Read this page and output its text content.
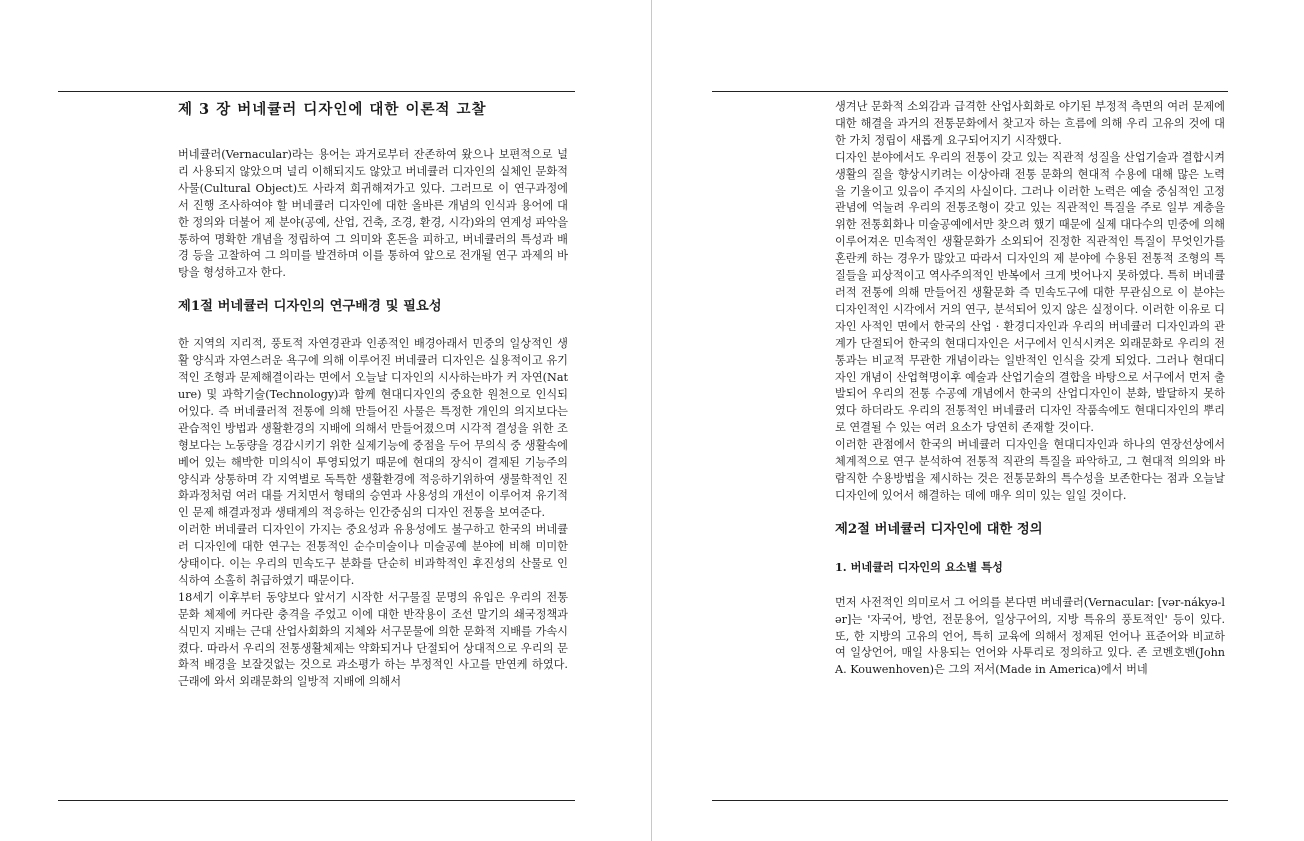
제 3 장 버네큘러 디자인에 대한 이론적 고찰

버네큘러(Vernacular)라는 용어는 과거로부터 잔존하여 왔으나 보편적으로 널리 사용되지 않았으며 널리 이해되지도 않았고 버네큘러 디자인의 실체인 문화적 사물(Cultural Object)도 사라져 희귀해져가고 있다. 그러므로 이 연구과정에서 진행 조사하여야 할 버네큘러 디자인에 대한 올바른 개념의 인식과 용어에 대한 정의와 더불어 제 분야(공예, 산업, 건축, 조경, 환경, 시각)와의 연계성 파악을 통하여 명확한 개념을 정립하여 그 의미와 혼돈을 피하고, 버네큘러의 특성과 배경 등을 고찰하여 그 의미를 발견하며 이를 통하여 앞으로 전개될 연구 과제의 바탕을 형성하고자 한다.

제1절 버네큘러 디자인의 연구배경 및 필요성

한 지역의 지리적, 풍토적 자연경관과 인종적인 배경아래서 민중의 일상적인 생활 양식과 자연스러운 욕구에 의해 이루어진 버네큘러 디자인은 실용적이고 유기적인 조형과 문제해결이라는 면에서 오늘날 디자인의 시사하는바가 커 자연(Nature) 및 과학기술(Technology)과 함께 현대디자인의 중요한 원천으로 인식되어있다. 즉 버네큘러적 전통에 의해 만들어진 사물은 특정한 개인의 의지보다는 관습적인 방법과 생활환경의 지배에 의해서 만들어졌으며 시각적 결성을 위한 조형보다는 노동량을 경감시키기 위한 실제기능에 중점을 두어 무의식 중 생활속에 베어 있는 해박한 미의식이 투영되었기 때문에 현대의 장식이 결제된 기능주의 양식과 상통하며 각 지역별로 독특한 생활환경에 적응하기위하여 생물학적인 진화과정처럼 여러 대를 거치면서 형태의 승연과 사용성의 개선이 이루어져 유기적인 문제 해결과정과 생태계의 적응하는 인간중심의 디자인 전통을 보여준다.

이러한 버네큘러 디자인이 가지는 중요성과 유용성에도 불구하고 한국의 버네큘러 디자인에 대한 연구는 전통적인 순수미술이나 미술공예 분야에 비해 미미한 상태이다. 이는 우리의 민속도구 분화를 단순히 비과학적인 후진성의 산물로 인식하여 소홀히 취급하였기 때문이다.

18세기 이후부터 동양보다 앞서기 시작한 서구물질 문명의 유입은 우리의 전통 문화 체제에 커다란 충격을 주었고 이에 대한 반작용이 조선 말기의 쇄국정책과 식민지 지배는 근대 산업사회화의 지체와 서구문물에 의한 문화적 지배를 가속시켰다. 따라서 우리의 전통생활체제는 약화되거나 단절되어 상대적으로 우리의 문화적 배경을 보잘것없는 것으로 과소평가 하는 부정적인 사고를 만연케 하였다. 근래에 와서 외래문화의 일방적 지배에 의해서

생겨난 문화적 소외감과 급격한 산업사회화로 야기된 부정적 측면의 여러 문제에 대한 해결을 과거의 전통문화에서 찾고자 하는 흐름에 의해 우리 고유의 것에 대한 가치 정립이 새롭게 요구되어지기 시작했다.

디자인 분야에서도 우리의 전통이 갖고 있는 직관적 성질을 산업기술과 결합시켜 생활의 질을 향상시키려는 이상아래 전통 문화의 현대적 수용에 대해 많은 노력을 기울이고 있음이 주지의 사실이다. 그러나 이러한 노력은 예술 중심적인 고정관념에 억눌려 우리의 전통조형이 갖고 있는 직관적인 특질을 주로 일부 계층을 위한 전통회화나 미술공예에서만 찾으려 했기 때문에 실제 대다수의 민중에 의해 이루어져온 민속적인 생활문화가 소외되어 진정한 직관적인 특질이 무엇인가를 혼란케 하는 경우가 많았고 따라서 디자인의 제 분야에 수용된 전통적 조형의 특질들을 피상적이고 역사주의적인 반복에서 크게 벗어나지 못하였다. 특히 버네큘러적 전통에 의해 만들어진 생활문화 즉 민속도구에 대한 무관심으로 이 분야는 디자인적인 시각에서 거의 연구, 분석되어 있지 않은 실정이다. 이러한 이유로 디자인 사적인 면에서 한국의 산업 · 환경디자인과 우리의 버네큘러 디자인과의 관계가 단절되어 한국의 현대디자인은 서구에서 인식시켜온 외래문화로 우리의 전통과는 비교적 무관한 개념이라는 일반적인 인식을 갖게 되었다. 그러나 현대디자인 개념이 산업혁명이후 예술과 산업기술의 결합을 바탕으로 서구에서 먼저 출발되어 우리의 전통 수공예 개념에서 한국의 산업디자인이 분화, 발달하지 못하였다 하더라도 우리의 전통적인 버네큘러 디자인 작품속에도 현대디자인의 뿌리로 연결될 수 있는 여러 요소가 당연히 존재할 것이다.

이러한 관점에서 한국의 버네큘러 디자인을 현대디자인과 하나의 연장선상에서 체계적으로 연구 분석하여 전통적 직관의 특질을 파악하고, 그 현대적 의의와 바람직한 수용방법을 제시하는 것은 전통문화의 특수성을 보존한다는 점과 오늘날 디자인에 있어서 해결하는 데에 매우 의미 있는 일일 것이다.

제2절 버네큘러 디자인에 대한 정의
1. 버네큘러 디자인의 요소별 특성

먼저 사전적인 의미로서 그 어의를 본다면 버네큘러(Vernacular: [vər-nákyə-lər]는 '자국어, 방언, 전문용어, 일상구어의, 지방 특유의 풍토적인' 등이 있다. 또, 한 지방의 고유의 언어, 특히 교육에 의해서 정제된 언어나 표준어와 비교하여 일상언어, 매일 사용되는 언어와 사투리로 정의하고 있다. 존 코벤호벤(John A. Kouwenhoven)은 그의 저서(Made in America)에서 버네
